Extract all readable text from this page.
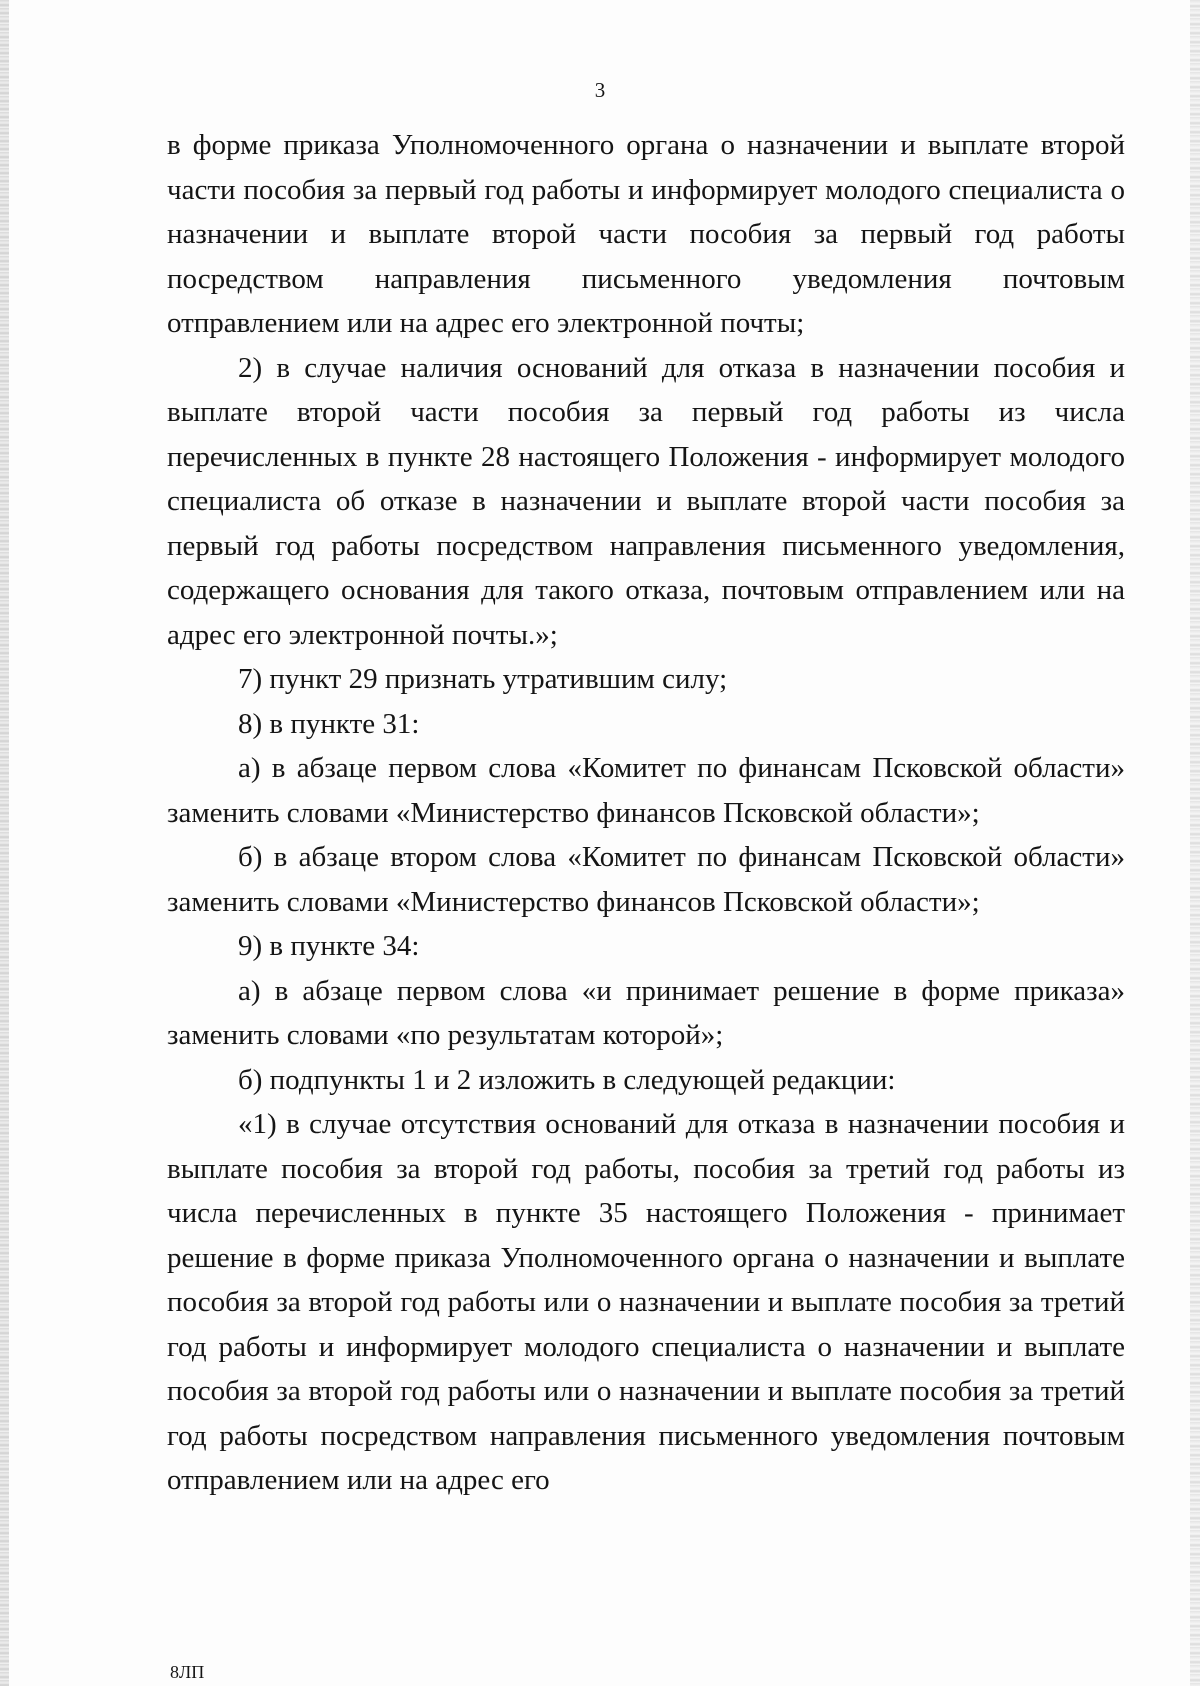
3

в форме приказа Уполномоченного органа о назначении и выплате второй части пособия за первый год работы и информирует молодого специалиста о назначении и выплате второй части пособия за первый год работы посредством направления письменного уведомления почтовым отправлением или на адрес его электронной почты;

2) в случае наличия оснований для отказа в назначении пособия и выплате второй части пособия за первый год работы из числа перечисленных в пункте 28 настоящего Положения - информирует молодого специалиста об отказе в назначении и выплате второй части пособия за первый год работы посредством направления письменного уведомления, содержащего основания для такого отказа, почтовым отправлением или на адрес его электронной почты.»;

7) пункт 29 признать утратившим силу;

8) в пункте 31:

а) в абзаце первом слова «Комитет по финансам Псковской области» заменить словами «Министерство финансов Псковской области»;

б) в абзаце втором слова «Комитет по финансам Псковской области» заменить словами «Министерство финансов Псковской области»;

9) в пункте 34:

а) в абзаце первом слова «и принимает решение в форме приказа» заменить словами «по результатам которой»;

б) подпункты 1 и 2 изложить в следующей редакции:

«1) в случае отсутствия оснований для отказа в назначении пособия и выплате пособия за второй год работы, пособия за третий год работы из числа перечисленных в пункте 35 настоящего Положения - принимает решение в форме приказа Уполномоченного органа о назначении и выплате пособия за второй год работы или о назначении и выплате пособия за третий год работы и информирует молодого специалиста о назначении и выплате пособия за второй год работы или о назначении и выплате пособия за третий год работы посредством направления письменного уведомления почтовым отправлением или на адрес его

8ЛП
